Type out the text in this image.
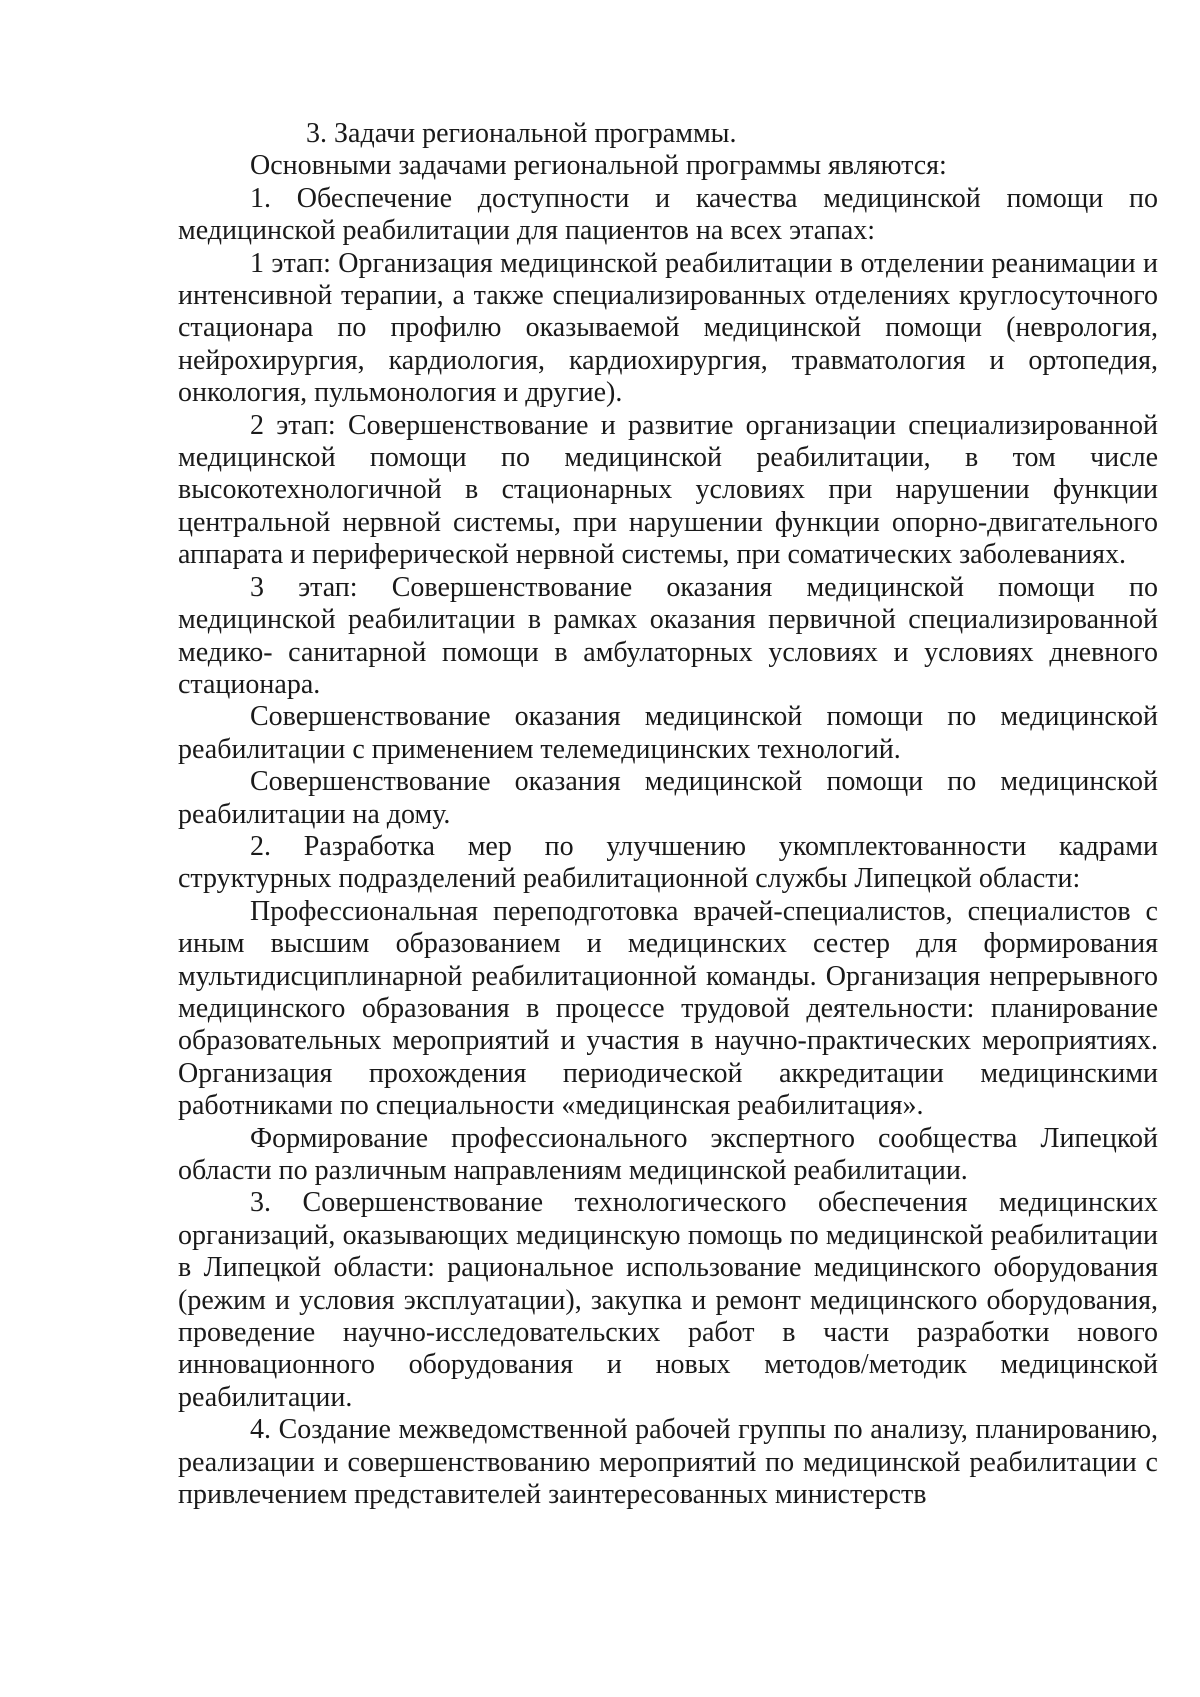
3. Задачи региональной программы.

Основными задачами региональной программы являются:

1. Обеспечение доступности и качества медицинской помощи по медицинской реабилитации для пациентов на всех этапах:

1 этап: Организация медицинской реабилитации в отделении реанимации и интенсивной терапии, а также специализированных отделениях круглосуточного стационара по профилю оказываемой медицинской помощи (неврология, нейрохирургия, кардиология, кардиохирургия, травматология и ортопедия, онкология, пульмонология и другие).

2 этап: Совершенствование и развитие организации специализированной медицинской помощи по медицинской реабилитации, в том числе высокотехнологичной в стационарных условиях при нарушении функции центральной нервной системы, при нарушении функции опорно-двигательного аппарата и периферической нервной системы, при соматических заболеваниях.

3 этап: Совершенствование оказания медицинской помощи по медицинской реабилитации в рамках оказания первичной специализированной медико- санитарной помощи в амбулаторных условиях и условиях дневного стационара.

Совершенствование оказания медицинской помощи по медицинской реабилитации с применением телемедицинских технологий.

Совершенствование оказания медицинской помощи по медицинской реабилитации на дому.

2. Разработка мер по улучшению укомплектованности кадрами структурных подразделений реабилитационной службы Липецкой области:

Профессиональная переподготовка врачей-специалистов, специалистов с иным высшим образованием и медицинских сестер для формирования мультидисциплинарной реабилитационной команды. Организация непрерывного медицинского образования в процессе трудовой деятельности: планирование образовательных мероприятий и участия в научно-практических мероприятиях. Организация прохождения периодической аккредитации медицинскими работниками по специальности «медицинская реабилитация».

Формирование профессионального экспертного сообщества Липецкой области по различным направлениям медицинской реабилитации.

3. Совершенствование технологического обеспечения медицинских организаций, оказывающих медицинскую помощь по медицинской реабилитации в Липецкой области: рациональное использование медицинского оборудования (режим и условия эксплуатации), закупка и ремонт медицинского оборудования, проведение научно-исследовательских работ в части разработки нового инновационного оборудования и новых методов/методик медицинской реабилитации.

4. Создание межведомственной рабочей группы по анализу, планированию, реализации и совершенствованию мероприятий по медицинской реабилитации с привлечением представителей заинтересованных министерств
